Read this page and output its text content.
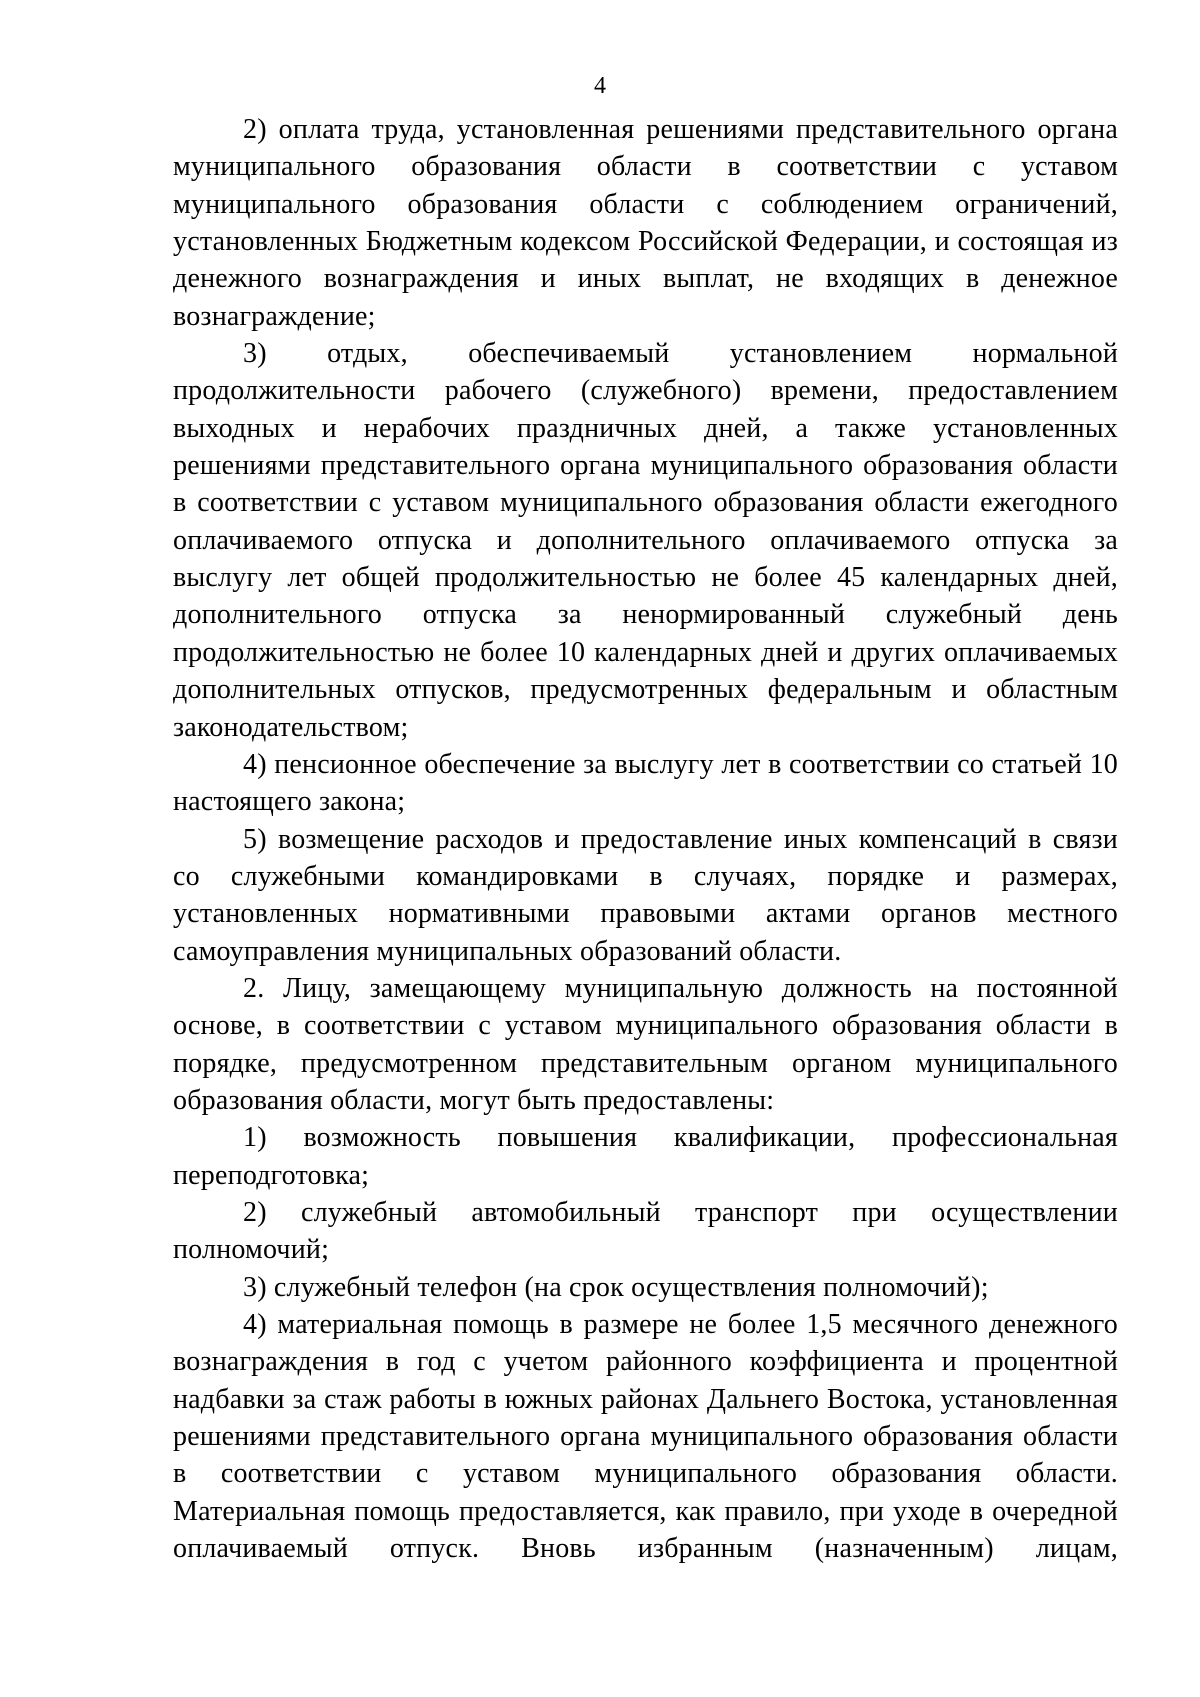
4

2) оплата труда, установленная решениями представительного органа муниципального образования области в соответствии с уставом муниципального образования области с соблюдением ограничений, установленных Бюджетным кодексом Российской Федерации, и состоящая из денежного вознаграждения и иных выплат, не входящих в денежное вознаграждение;

3) отдых, обеспечиваемый установлением нормальной продолжительности рабочего (служебного) времени, предоставлением выходных и нерабочих праздничных дней, а также установленных решениями представительного органа муниципального образования области в соответствии с уставом муниципального образования области ежегодного оплачиваемого отпуска и дополнительного оплачиваемого отпуска за выслугу лет общей продолжительностью не более 45 календарных дней, дополнительного отпуска за ненормированный служебный день продолжительностью не более 10 календарных дней и других оплачиваемых дополнительных отпусков, предусмотренных федеральным и областным законодательством;

4) пенсионное обеспечение за выслугу лет в соответствии со статьей 10 настоящего закона;

5) возмещение расходов и предоставление иных компенсаций в связи со служебными командировками в случаях, порядке и размерах, установленных нормативными правовыми актами органов местного самоуправления муниципальных образований области.

2. Лицу, замещающему муниципальную должность на постоянной основе, в соответствии с уставом муниципального образования области в порядке, предусмотренном представительным органом муниципального образования области, могут быть предоставлены:

1) возможность повышения квалификации, профессиональная переподготовка;

2) служебный автомобильный транспорт при осуществлении полномочий;

3) служебный телефон (на срок осуществления полномочий);

4) материальная помощь в размере не более 1,5 месячного денежного вознаграждения в год с учетом районного коэффициента и процентной надбавки за стаж работы в южных районах Дальнего Востока, установленная решениями представительного органа муниципального образования области в соответствии с уставом муниципального образования области. Материальная помощь предоставляется, как правило, при уходе в очередной оплачиваемый отпуск. Вновь избранным (назначенным) лицам,
